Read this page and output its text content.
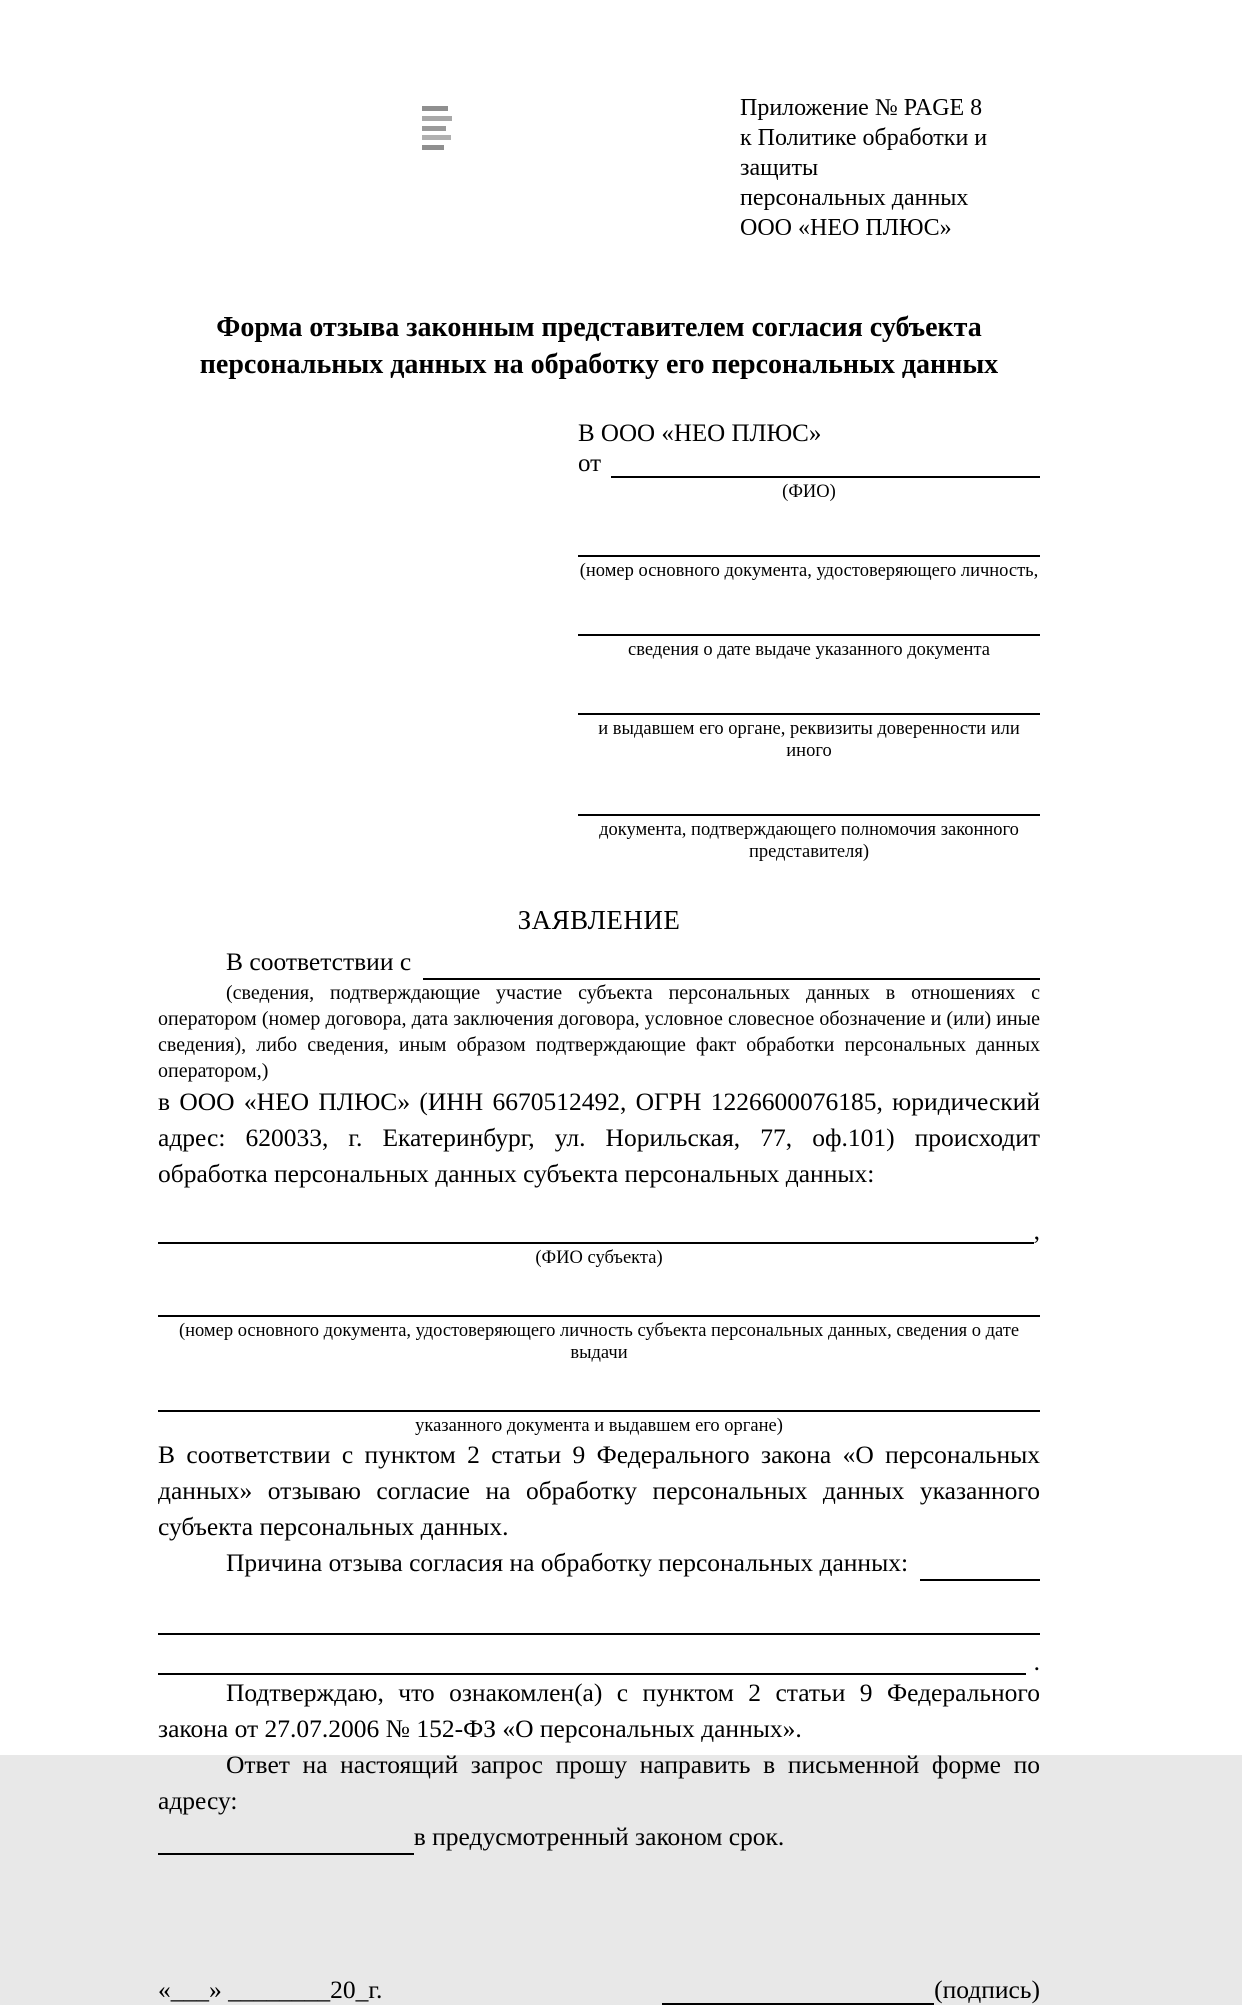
Приложение № PAGE 8
к Политике обработки и защиты
персональных данных
ООО «НЕО ПЛЮС»
Форма отзыва законным представителем согласия субъекта персональных данных на обработку его персональных данных
В ООО «НЕО ПЛЮС»
от
(ФИО)
(номер основного документа, удостоверяющего личность,
сведения о дате выдаче указанного документа
и выдавшем его органе, реквизиты доверенности или иного
документа, подтверждающего полномочия законного представителя)
ЗАЯВЛЕНИЕ
В соответствии с
(сведения, подтверждающие участие субъекта персональных данных в отношениях с оператором (номер договора, дата заключения договора, условное словесное обозначение и (или) иные сведения), либо сведения, иным образом подтверждающие факт обработки персональных данных оператором,)
в ООО «НЕО ПЛЮС» (ИНН 6670512492, ОГРН 1226600076185, юридический адрес: 620033, г. Екатеринбург, ул. Норильская, 77, оф.101) происходит обработка персональных данных субъекта персональных данных:
,
(ФИО субъекта)
(номер основного документа, удостоверяющего личность субъекта персональных данных, сведения о дате выдачи
указанного документа и выдавшем его органе)
В соответствии с пунктом 2 статьи 9 Федерального закона «О персональных данных» отзываю согласие на обработку персональных данных указанного субъекта персональных данных.
Причина отзыва согласия на обработку персональных данных:
.
Подтверждаю, что ознакомлен(а) с пунктом 2 статьи 9 Федерального закона от 27.07.2006 № 152-ФЗ «О персональных данных».
Ответ на настоящий запрос прошу направить в письменной форме по адресу:
в предусмотренный законом срок.
«___» ________20_г.	(подпись)
